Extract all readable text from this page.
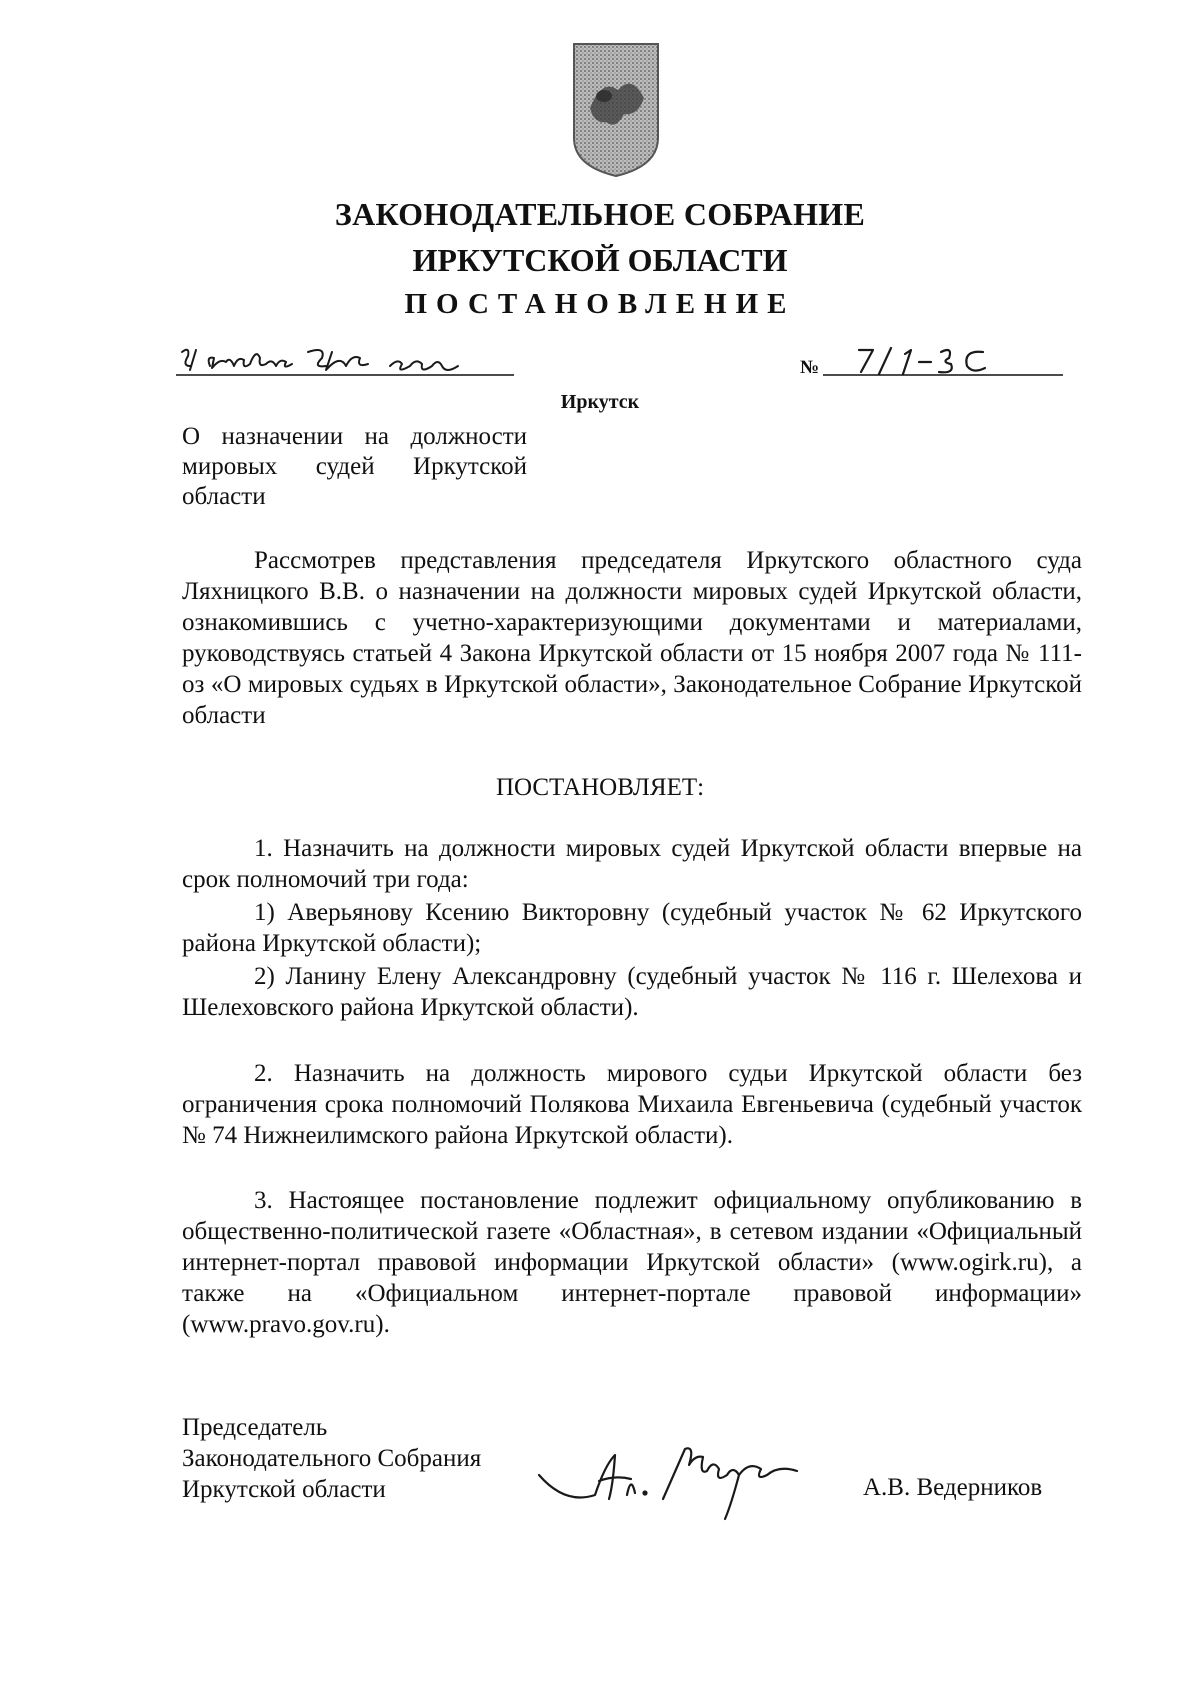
ЗАКОНОДАТЕЛЬНОЕ СОБРАНИЕ
ИРКУТСКОЙ ОБЛАСТИ
ПОСТАНОВЛЕНИЕ
№
Иркутск
О назначении на должности мировых судей Иркутской области
Рассмотрев представления председателя Иркутского областного суда Ляхницкого В.В. о назначении на должности мировых судей Иркутской области, ознакомившись с учетно-характеризующими документами и материалами, руководствуясь статьей 4 Закона Иркутской области от 15 ноября 2007 года № 111-оз «О мировых судьях в Иркутской области», Законодательное Собрание Иркутской области
ПОСТАНОВЛЯЕТ:
1. Назначить на должности мировых судей Иркутской области впервые на срок полномочий три года:
1) Аверьянову Ксению Викторовну (судебный участок № 62 Иркутского района Иркутской области);
2) Ланину Елену Александровну (судебный участок № 116 г. Шелехова и Шелеховского района Иркутской области).
2. Назначить на должность мирового судьи Иркутской области без ограничения срока полномочий Полякова Михаила Евгеньевича (судебный участок № 74 Нижнеилимского района Иркутской области).
3. Настоящее постановление подлежит официальному опубликованию в общественно-политической газете «Областная», в сетевом издании «Официальный интернет-портал правовой информации Иркутской области» (www.ogirk.ru), а также на «Официальном интернет-портале правовой информации» (www.pravo.gov.ru).
Председатель
Законодательного Собрания
Иркутской области	А.В. Ведерников
